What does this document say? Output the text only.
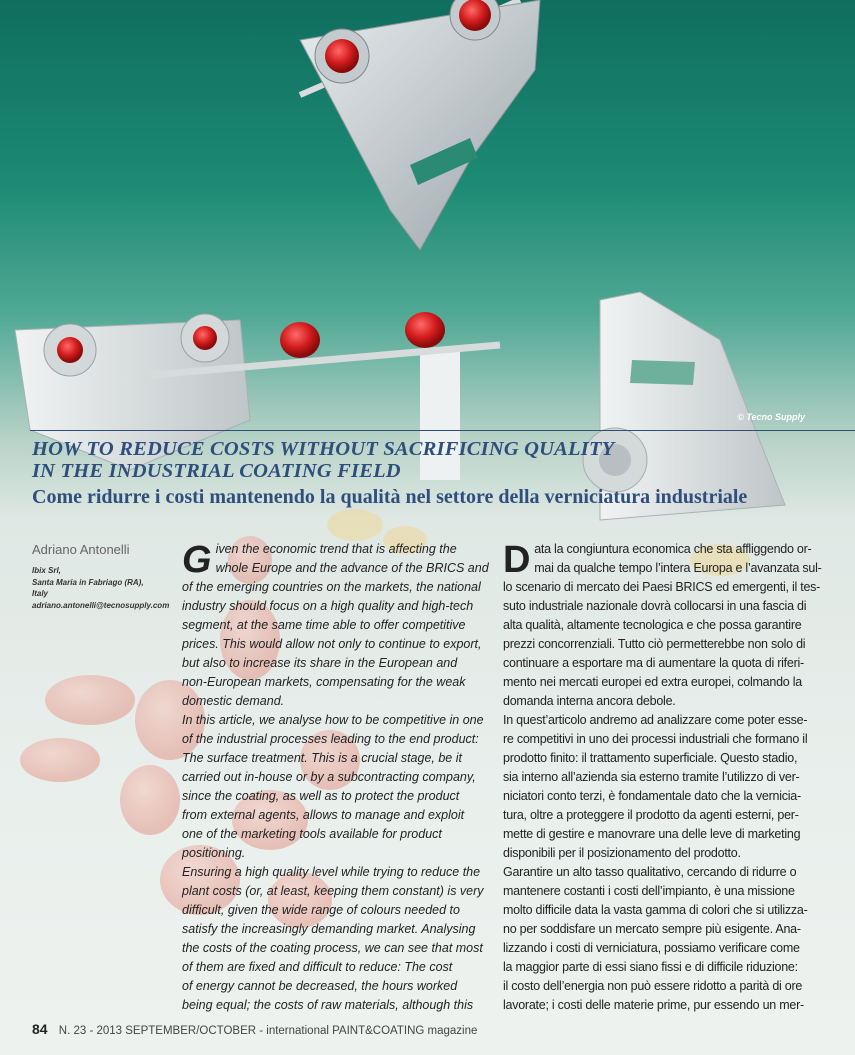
© Tecno Supply
HOW TO REDUCE COSTS WITHOUT SACRIFICING QUALITY
IN THE INDUSTRIAL COATING FIELD
Come ridurre i costi mantenendo la qualità nel settore della verniciatura industriale
Adriano Antonelli
Ibix Srl,
Santa Maria in Fabriago (RA),
Italy
adriano.antonelli@tecnosupply.com
G iven the economic trend that is affecting the
whole Europe and the advance of the BRICS and
of the emerging countries on the markets, the national
industry should focus on a high quality and high-tech
segment, at the same time able to offer competitive
prices. This would allow not only to continue to export,
but also to increase its share in the European and
non-European markets, compensating for the weak
domestic demand.
In this article, we analyse how to be competitive in one
of the industrial processes leading to the end product:
The surface treatment. This is a crucial stage, be it
carried out in-house or by a subcontracting company,
since the coating, as well as to protect the product
from external agents, allows to manage and exploit
one of the marketing tools available for product
positioning.
Ensuring a high quality level while trying to reduce the
plant costs (or, at least, keeping them constant) is very
difficult, given the wide range of colours needed to
satisfy the increasingly demanding market. Analysing
the costs of the coating process, we can see that most
of them are fixed and difficult to reduce: The cost
of energy cannot be decreased, the hours worked
being equal; the costs of raw materials, although this
D ata la congiuntura economica che sta affliggendo or-
mai da qualche tempo l’intera Europa e l’avanzata sul-
lo scenario di mercato dei Paesi BRICS ed emergenti, il tes-
suto industriale nazionale dovrà collocarsi in una fascia di
alta qualità, altamente tecnologica e che possa garantire
prezzi concorrenziali. Tutto ciò permetterebbe non solo di
continuare a esportare ma di aumentare la quota di riferi-
mento nei mercati europei ed extra europei, colmando la
domanda interna ancora debole.
In quest’articolo andremo ad analizzare come poter esse-
re competitivi in uno dei processi industriali che formano il
prodotto finito: il trattamento superficiale. Questo stadio,
sia interno all’azienda sia esterno tramite l’utilizzo di ver-
niciatori conto terzi, è fondamentale dato che la vernicia-
tura, oltre a proteggere il prodotto da agenti esterni, per-
mette di gestire e manovrare una delle leve di marketing
disponibili per il posizionamento del prodotto.
Garantire un alto tasso qualitativo, cercando di ridurre o
mantenere costanti i costi dell’impianto, è una missione
molto difficile data la vasta gamma di colori che si utilizza-
no per soddisfare un mercato sempre più esigente. Ana-
lizzando i costi di verniciatura, possiamo verificare come
la maggior parte di essi siano fissi e di difficile riduzione:
il costo dell’energia non può essere ridotto a parità di ore
lavorate; i costi delle materie prime, pur essendo un mer-
84 N. 23 - 2013 SEPTEMBER/OCTOBER - international PAINT&COATING magazine
